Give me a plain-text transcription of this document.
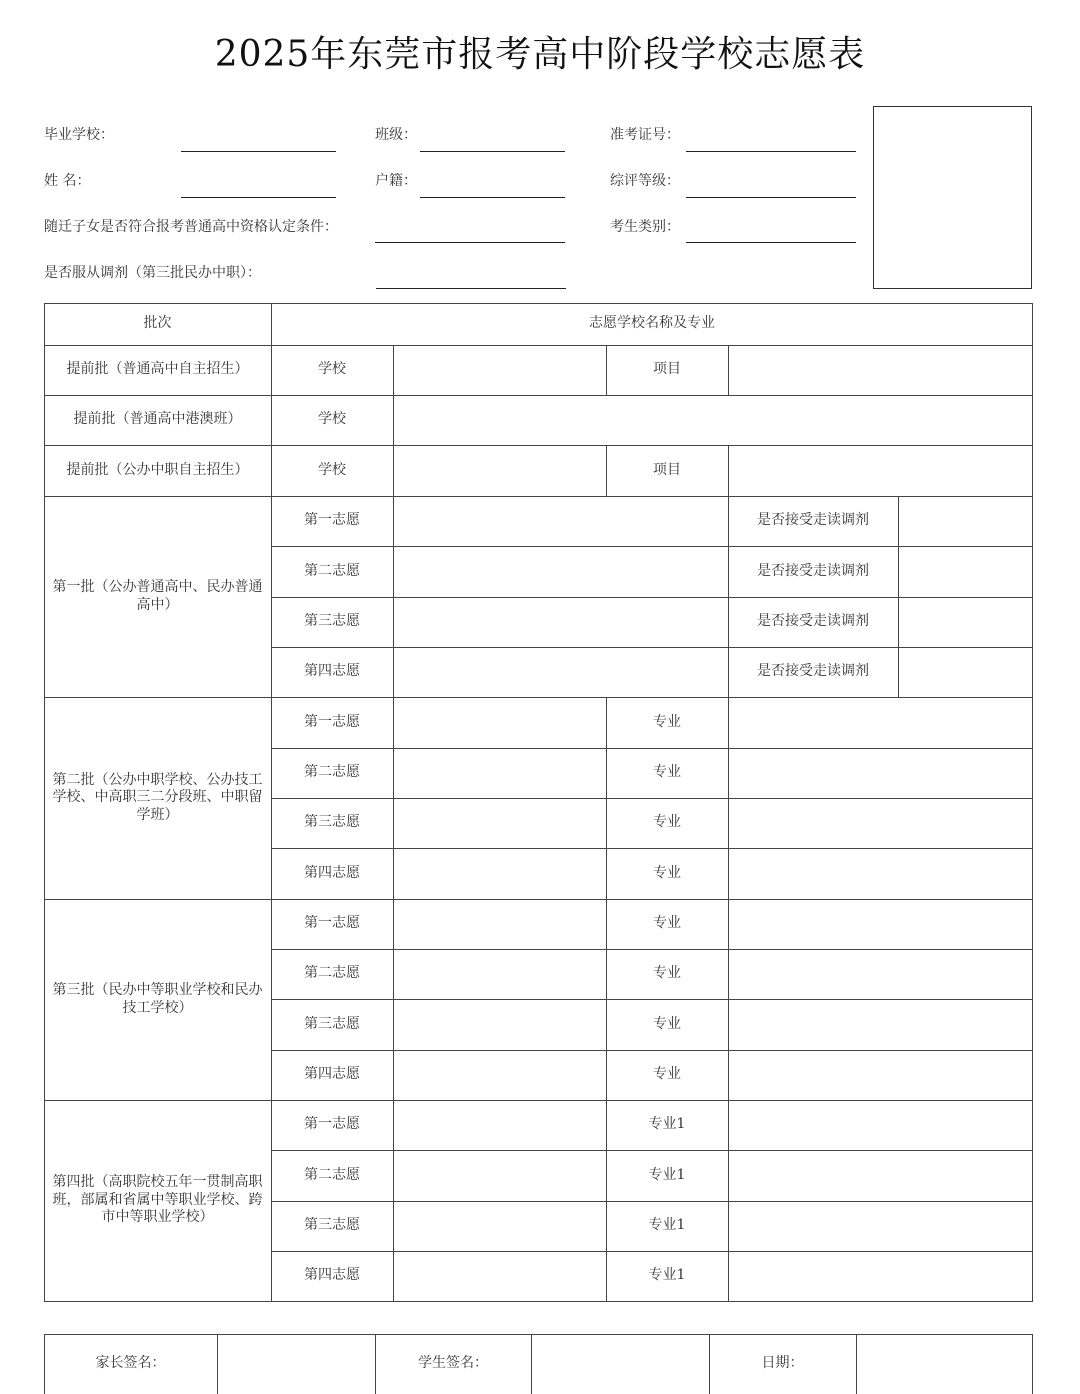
2025年东莞市报考高中阶段学校志愿表
毕业学校：	班级：	准考证号：
姓 名：	户籍：	综评等级：
随迁子女是否符合报考普通高中资格认定条件：	考生类别：
是否服从调剂（第三批民办中职）：
批次	志愿学校名称及专业
提前批（普通高中自主招生）	学校	项目
提前批（普通高中港澳班）	学校
提前批（公办中职自主招生）	学校	项目
第一批（公办普通高中、民办普通高中）
第一志愿	是否接受走读调剂
第二志愿	是否接受走读调剂
第三志愿	是否接受走读调剂
第四志愿	是否接受走读调剂
第二批（公办中职学校、公办技工学校、中高职三二分段班、中职留学班）
第一志愿	专业
第二志愿	专业
第三志愿	专业
第四志愿	专业
第三批（民办中等职业学校和民办技工学校）
第一志愿	专业
第二志愿	专业
第三志愿	专业
第四志愿	专业
第四批（高职院校五年一贯制高职班，部属和省属中等职业学校、跨市中等职业学校）
第一志愿	专业1
第二志愿	专业1
第三志愿	专业1
第四志愿	专业1
家长签名：	学生签名：	日期：
